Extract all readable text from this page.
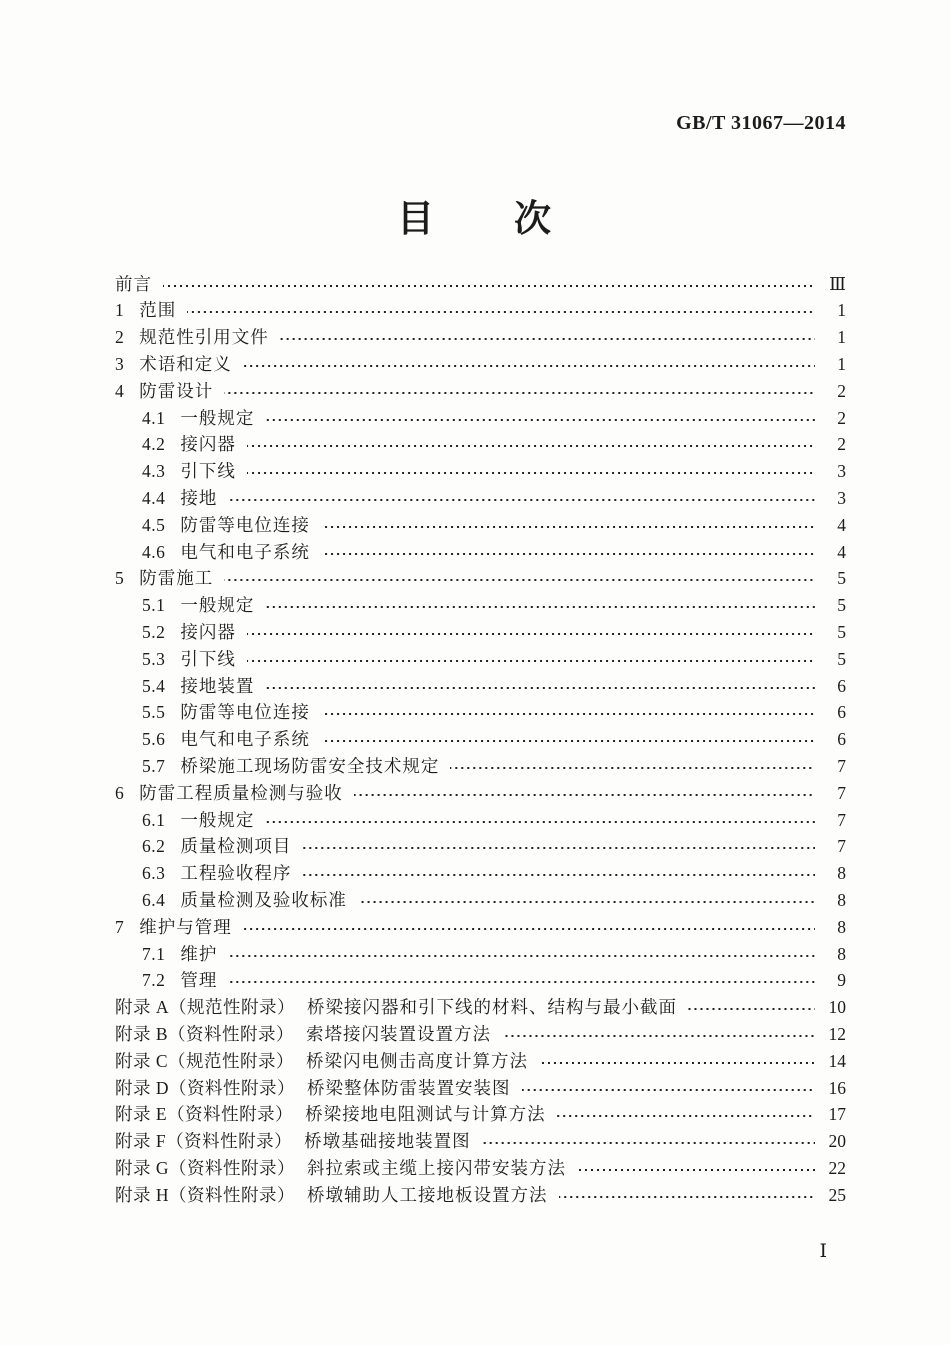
GB/T 31067—2014
目　　次
前言	Ⅲ
1 范围	1
2 规范性引用文件	1
3 术语和定义	1
4 防雷设计	2
4.1 一般规定	2
4.2 接闪器	2
4.3 引下线	3
4.4 接地	3
4.5 防雷等电位连接	4
4.6 电气和电子系统	4
5 防雷施工	5
5.1 一般规定	5
5.2 接闪器	5
5.3 引下线	5
5.4 接地装置	6
5.5 防雷等电位连接	6
5.6 电气和电子系统	6
5.7 桥梁施工现场防雷安全技术规定	7
6 防雷工程质量检测与验收	7
6.1 一般规定	7
6.2 质量检测项目	7
6.3 工程验收程序	8
6.4 质量检测及验收标准	8
7 维护与管理	8
7.1 维护	8
7.2 管理	9
附录 A（规范性附录） 桥梁接闪器和引下线的材料、结构与最小截面	10
附录 B（资料性附录） 索塔接闪装置设置方法	12
附录 C（规范性附录） 桥梁闪电侧击高度计算方法	14
附录 D（资料性附录） 桥梁整体防雷装置安装图	16
附录 E（资料性附录） 桥梁接地电阻测试与计算方法	17
附录 F（资料性附录） 桥墩基础接地装置图	20
附录 G（资料性附录） 斜拉索或主缆上接闪带安装方法	22
附录 H（资料性附录） 桥墩辅助人工接地板设置方法	25
Ⅰ
